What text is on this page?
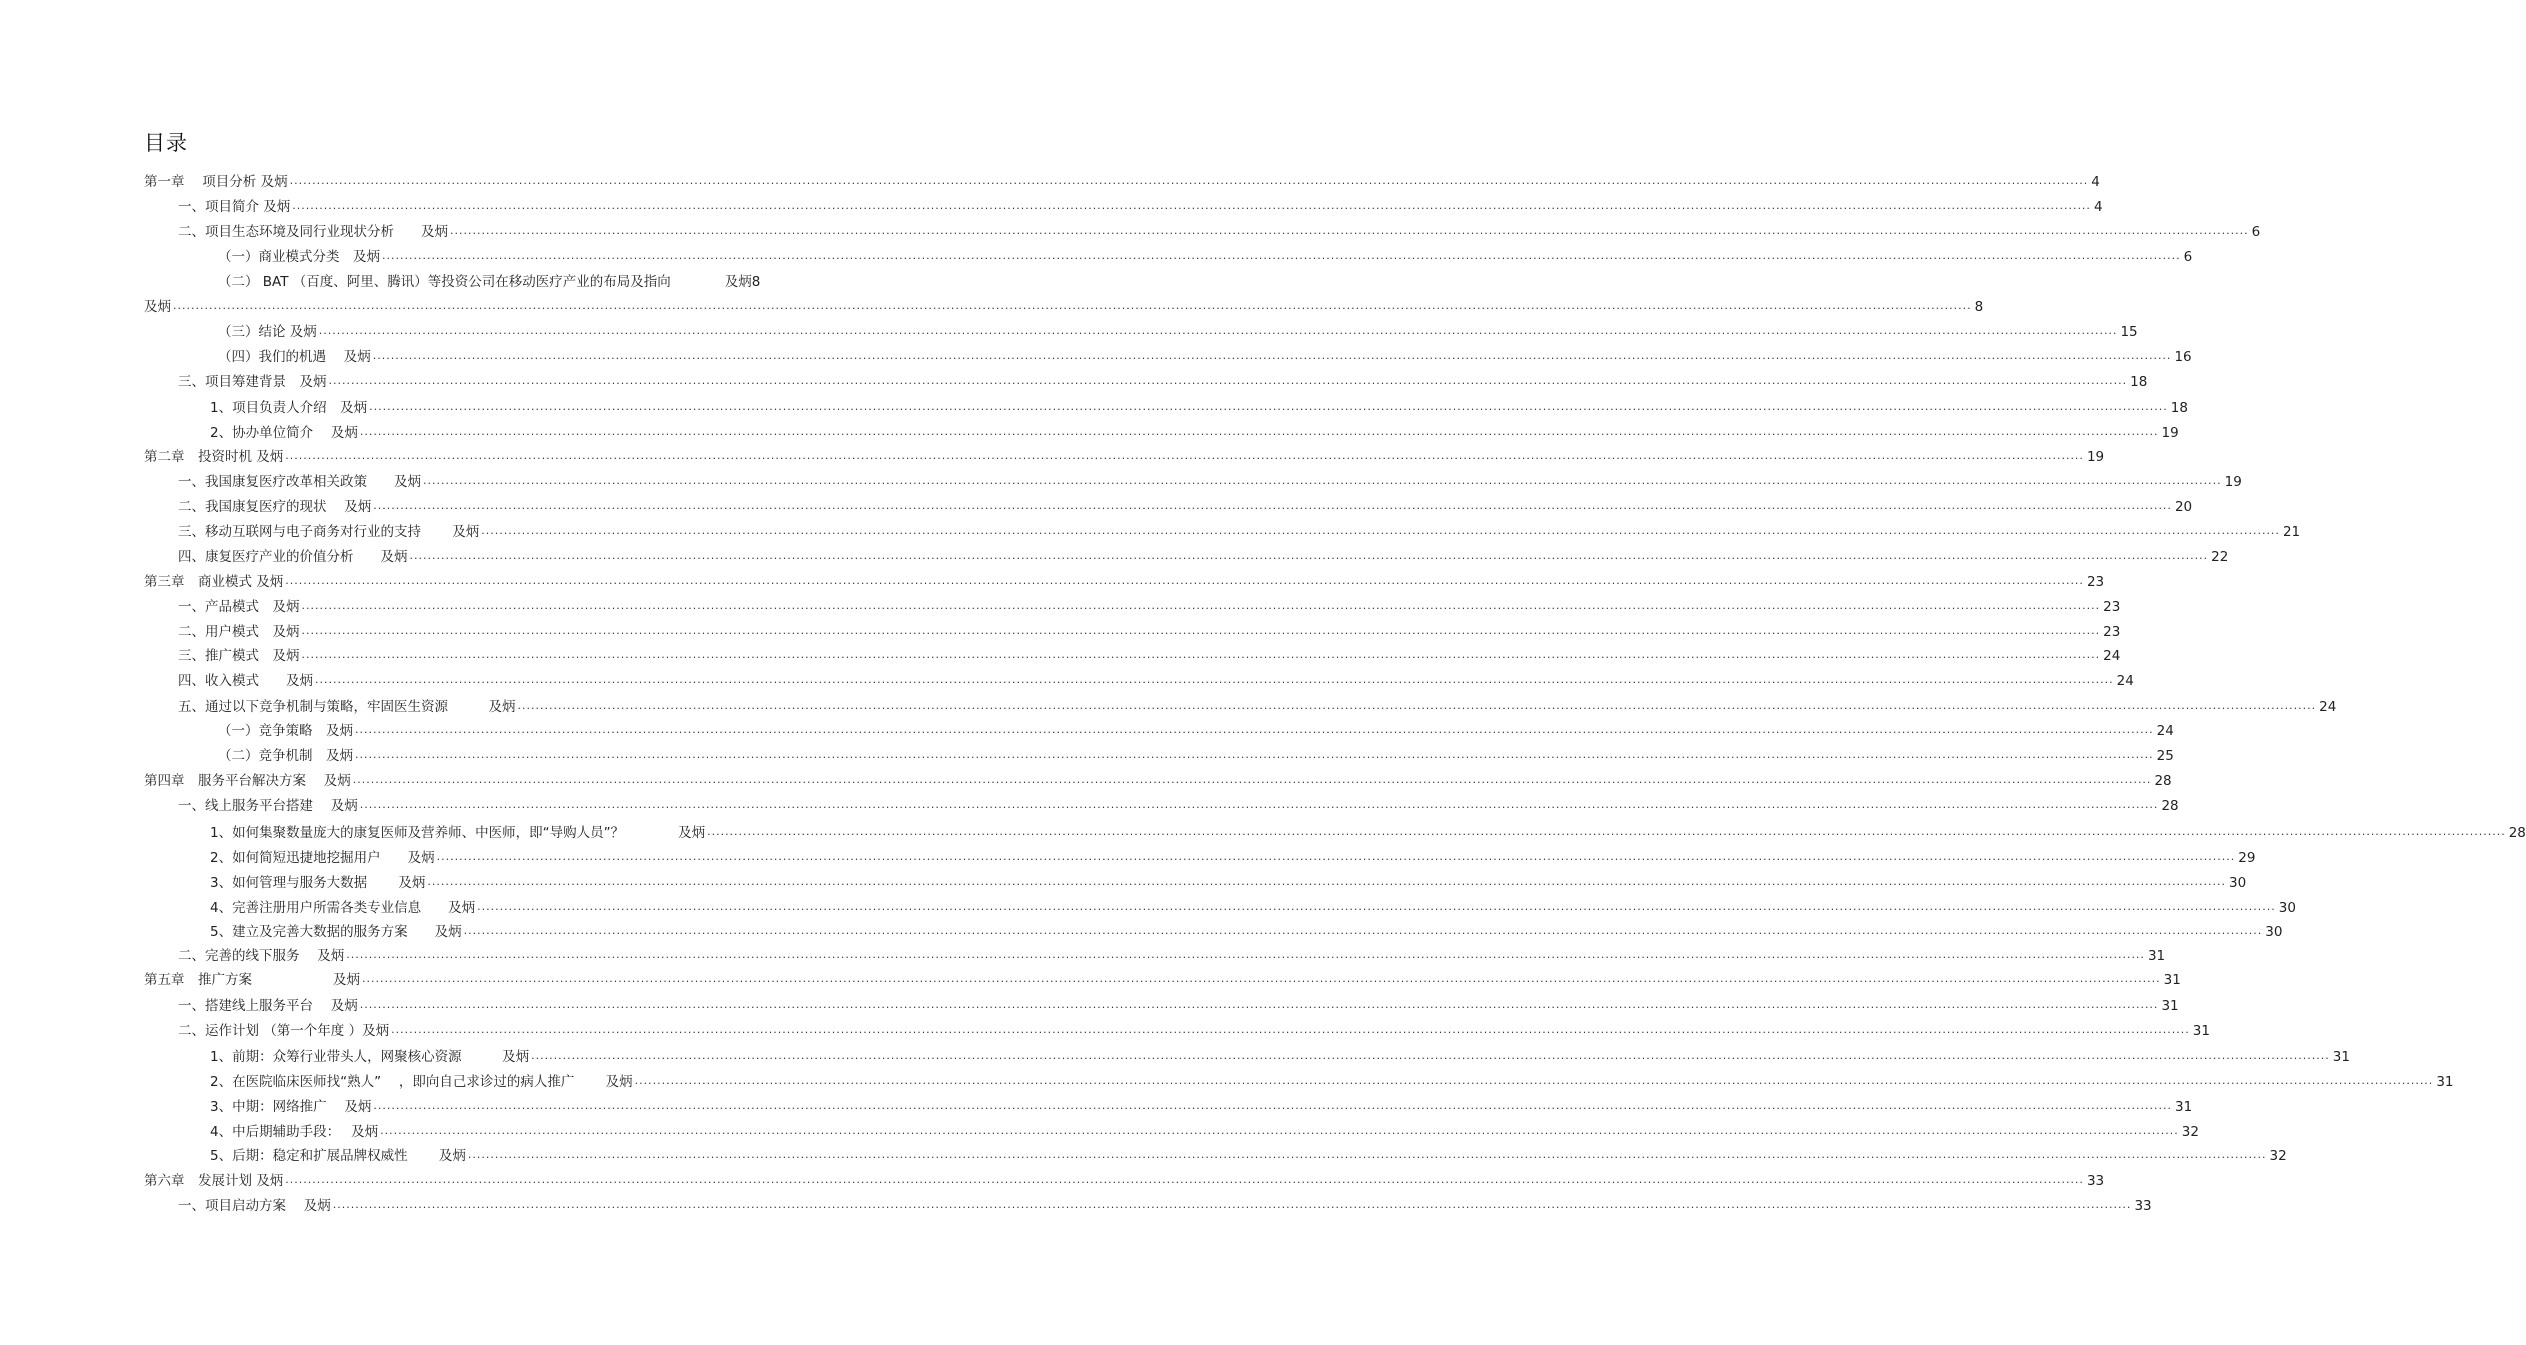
目录
第一章　 项目分析 及炳 ................................................................................................................................................................................................................................................................................................................................................................................................................ 4
一、项目简介 及炳 ................................................................................................................................................................................................................................................................................................................................................................................................................ 4
二、项目生态环境及同行业现状分析　　及炳 ................................................................................................................................................................................................................................................................................................................................................................................................................ 6
（一）商业模式分类　及炳 ................................................................................................................................................................................................................................................................................................................................................................................................................ 6
（二） BAT （百度、阿里、腾讯）等投资公司在移动医疗产业的布局及指向　　　　及炳8
及炳 ................................................................................................................................................................................................................................................................................................................................................................................................................ 8
（三）结论 及炳 ................................................................................................................................................................................................................................................................................................................................................................................................................ 15
（四）我们的机遇　 及炳 ................................................................................................................................................................................................................................................................................................................................................................................................................ 16
三、项目筹建背景　及炳 ................................................................................................................................................................................................................................................................................................................................................................................................................ 18
1、项目负责人介绍　及炳 ................................................................................................................................................................................................................................................................................................................................................................................................................ 18
2、协办单位简介　 及炳 ................................................................................................................................................................................................................................................................................................................................................................................................................ 19
第二章　投资时机 及炳 ................................................................................................................................................................................................................................................................................................................................................................................................................ 19
一、我国康复医疗改革相关政策　　及炳 ................................................................................................................................................................................................................................................................................................................................................................................................................ 19
二、我国康复医疗的现状　 及炳 ................................................................................................................................................................................................................................................................................................................................................................................................................ 20
三、移动互联网与电子商务对行业的支持　　 及炳 ................................................................................................................................................................................................................................................................................................................................................................................................................ 21
四、康复医疗产业的价值分析　　及炳 ................................................................................................................................................................................................................................................................................................................................................................................................................ 22
第三章　商业模式 及炳 ................................................................................................................................................................................................................................................................................................................................................................................................................ 23
一、产品模式　及炳 ................................................................................................................................................................................................................................................................................................................................................................................................................ 23
二、用户模式　及炳 ................................................................................................................................................................................................................................................................................................................................................................................................................ 23
三、推广模式　及炳 ................................................................................................................................................................................................................................................................................................................................................................................................................ 24
四、收入模式　　及炳 ................................................................................................................................................................................................................................................................................................................................................................................................................ 24
五、通过以下竞争机制与策略，牢固医生资源　　　及炳 ................................................................................................................................................................................................................................................................................................................................................................................................................ 24
（一）竞争策略　及炳 ................................................................................................................................................................................................................................................................................................................................................................................................................ 24
（二）竞争机制　及炳 ................................................................................................................................................................................................................................................................................................................................................................................................................ 25
第四章　服务平台解决方案　 及炳 ................................................................................................................................................................................................................................................................................................................................................................................................................ 28
一、线上服务平台搭建　 及炳 ................................................................................................................................................................................................................................................................................................................................................................................................................ 28
1、如何集聚数量庞大的康复医师及营养师、中医师，即“导购人员”？　　　　及炳 ................................................................................................................................................................................................................................................................................................................................................................................................................ 28
2、如何简短迅捷地挖掘用户　　及炳 ................................................................................................................................................................................................................................................................................................................................................................................................................ 29
3、如何管理与服务大数据　　 及炳 ................................................................................................................................................................................................................................................................................................................................................................................................................ 30
4、完善注册用户所需各类专业信息　　及炳 ................................................................................................................................................................................................................................................................................................................................................................................................................ 30
5、建立及完善大数据的服务方案　　及炳 ................................................................................................................................................................................................................................................................................................................................................................................................................ 30
二、完善的线下服务　 及炳 ................................................................................................................................................................................................................................................................................................................................................................................................................ 31
第五章　推广方案　　　　　　及炳 ................................................................................................................................................................................................................................................................................................................................................................................................................ 31
一、搭建线上服务平台　 及炳 ................................................................................................................................................................................................................................................................................................................................................................................................................ 31
二、运作计划 （第一个年度 ）及炳 ................................................................................................................................................................................................................................................................................................................................................................................................................ 31
1、前期：众筹行业带头人，网聚核心资源　　　及炳 ................................................................................................................................................................................................................................................................................................................................................................................................................ 31
2、在医院临床医师找“熟人”　 ，即向自己求诊过的病人推广　　 及炳 ................................................................................................................................................................................................................................................................................................................................................................................................................ 31
3、中期：网络推广　 及炳 ................................................................................................................................................................................................................................................................................................................................................................................................................ 31
4、中后期辅助手段：　 及炳 ................................................................................................................................................................................................................................................................................................................................................................................................................ 32
5、后期：稳定和扩展品牌权威性　　 及炳 ................................................................................................................................................................................................................................................................................................................................................................................................................ 32
第六章　发展计划 及炳 ................................................................................................................................................................................................................................................................................................................................................................................................................ 33
一、项目启动方案　 及炳 ................................................................................................................................................................................................................................................................................................................................................................................................................ 33
